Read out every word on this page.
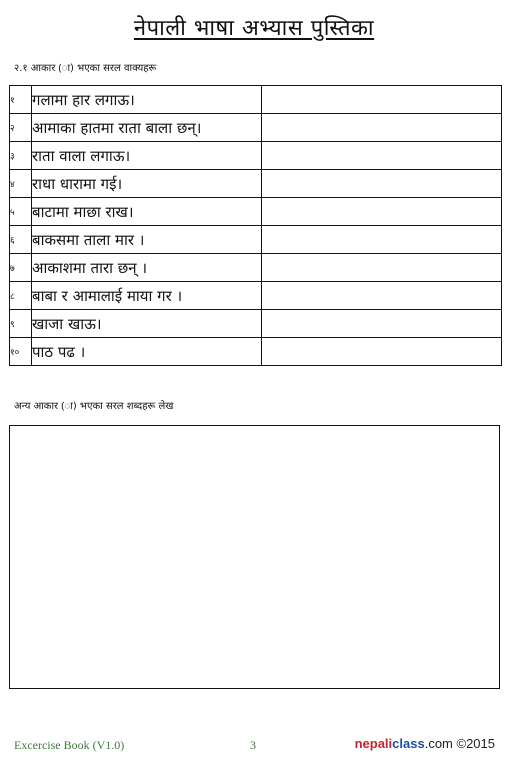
नेपाली भाषा अभ्यास पुस्तिका
२.१ आकार (ा) भएका सरल वाक्यहरू
१	गलामा हार लगाऊ।	
२	आमाका हातमा राता बाला छन्।	
३	राता वाला लगाऊ।	
४	राधा धारामा गई।	
५	बाटामा माछा राख।	
६	बाकसमा ताला मार ।	
७	आकाशमा तारा छन् ।	
८	बाबा र आमालाई माया गर ।	
९	खाजा खाऊ।	
१०	पाठ पढ ।	
अन्य आकार (ा) भएका सरल शब्दहरू लेख
Excercise Book (V1.0)	3	nepaliclass.com ©2015
